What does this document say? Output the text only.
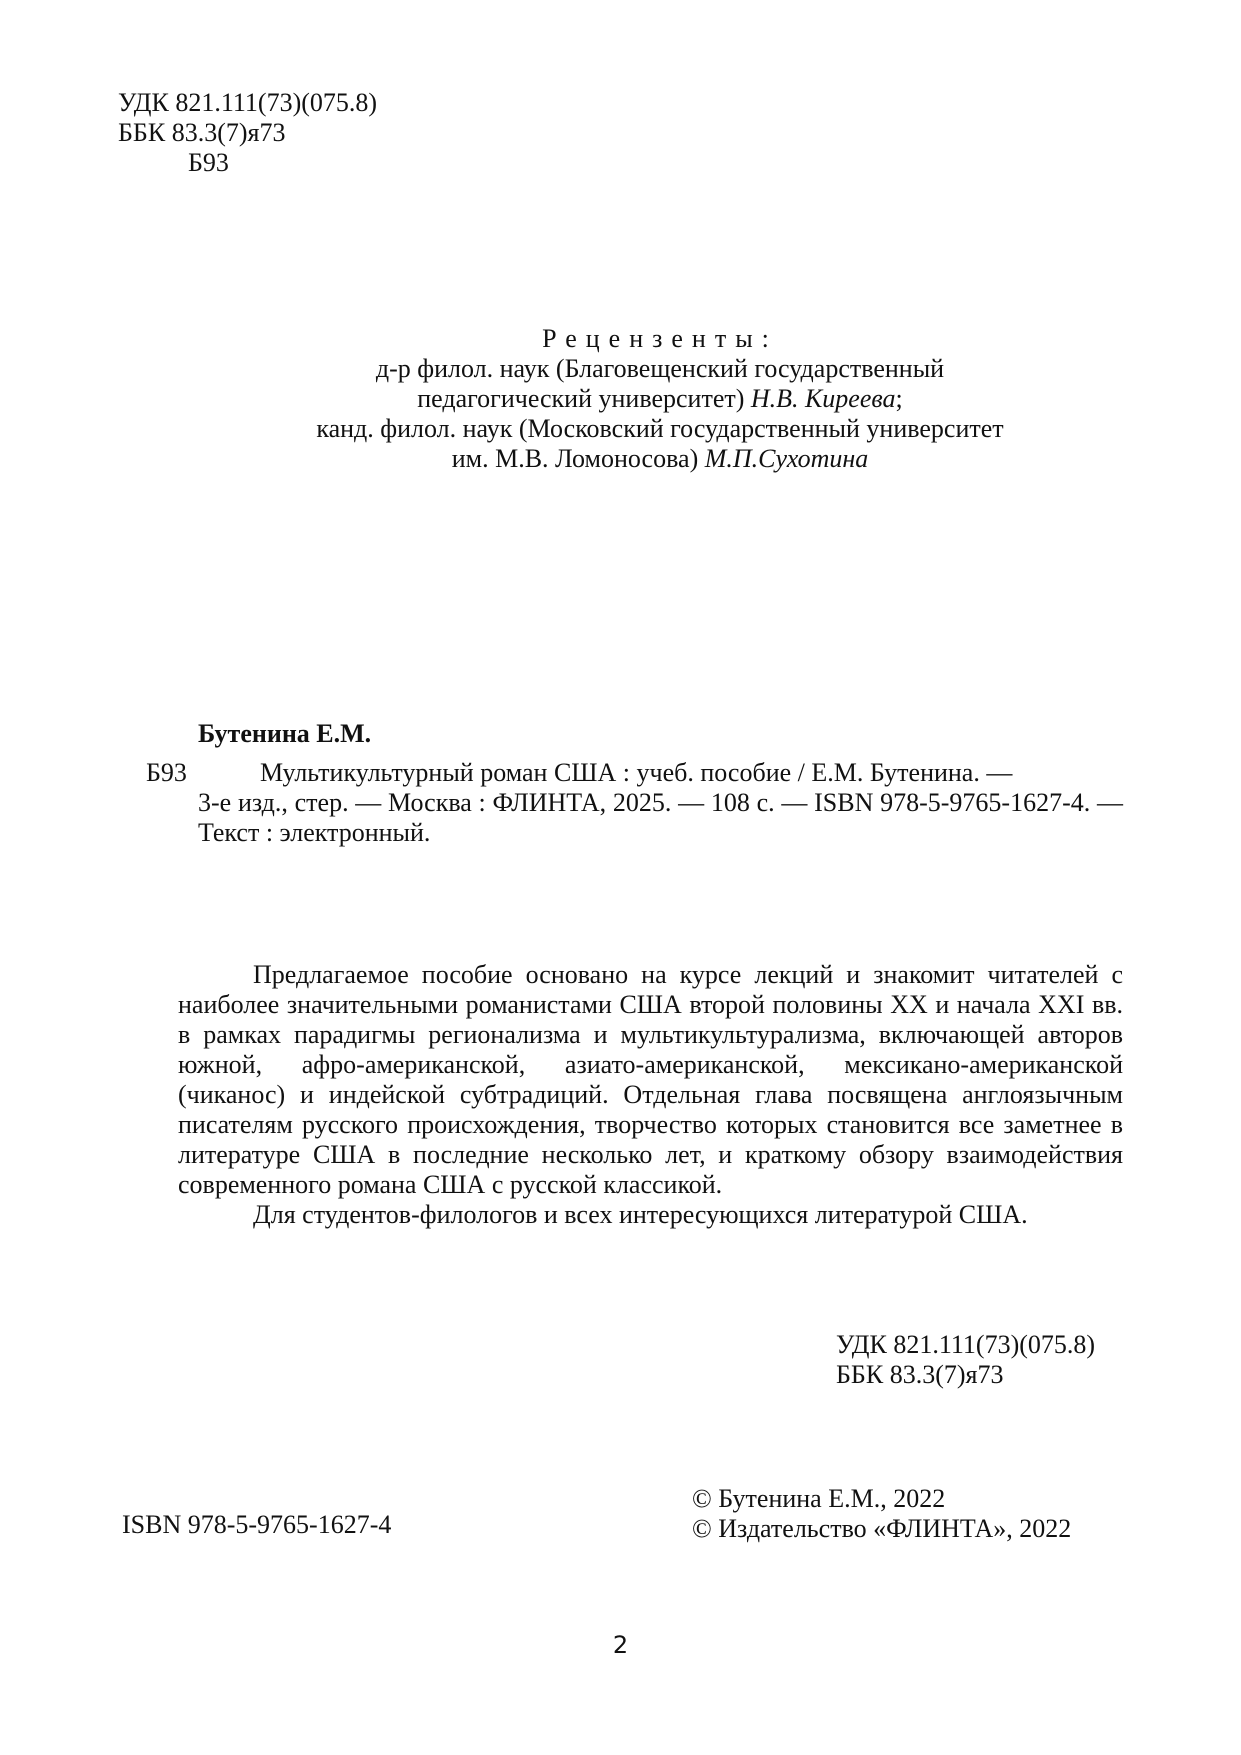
УДК 821.111(73)(075.8)
ББК 83.3(7)я73
Б93
Рецензенты:
д-р филол. наук (Благовещенский государственный
педагогический университет) Н.В. Киреева;
канд. филол. наук (Московский государственный университет
им. М.В. Ломоносова) М.П.Сухотина
Бутенина Е.М.
Б93	Мультикультурный роман США : учеб. пособие / Е.М. Бутенина. —
3-е изд., стер. — Москва : ФЛИНТА, 2025. — 108 с. — ISBN 978-5-9765-1627-4. — Текст : электронный.

Предлагаемое пособие основано на курсе лекций и знакомит читателей с наиболее значительными романистами США второй половины XX и начала XXI вв. в рамках парадигмы регионализма и мультикультурализма, включающей авторов южной, афро-американской, азиато-американской, мексикано-американской (чиканос) и индейской субтрадиций. Отдельная глава посвящена англоязычным писателям русского происхождения, творчество которых становится все заметнее в литературе США в последние несколько лет, и краткому обзору взаимодействия современного романа США с русской классикой.

Для студентов-филологов и всех интересующихся литературой США.

УДК 821.111(73)(075.8)
ББК 83.3(7)я73
© Бутенина Е.М., 2022
© Издательство «ФЛИНТА», 2022
ISBN 978-5-9765-1627-4
2
